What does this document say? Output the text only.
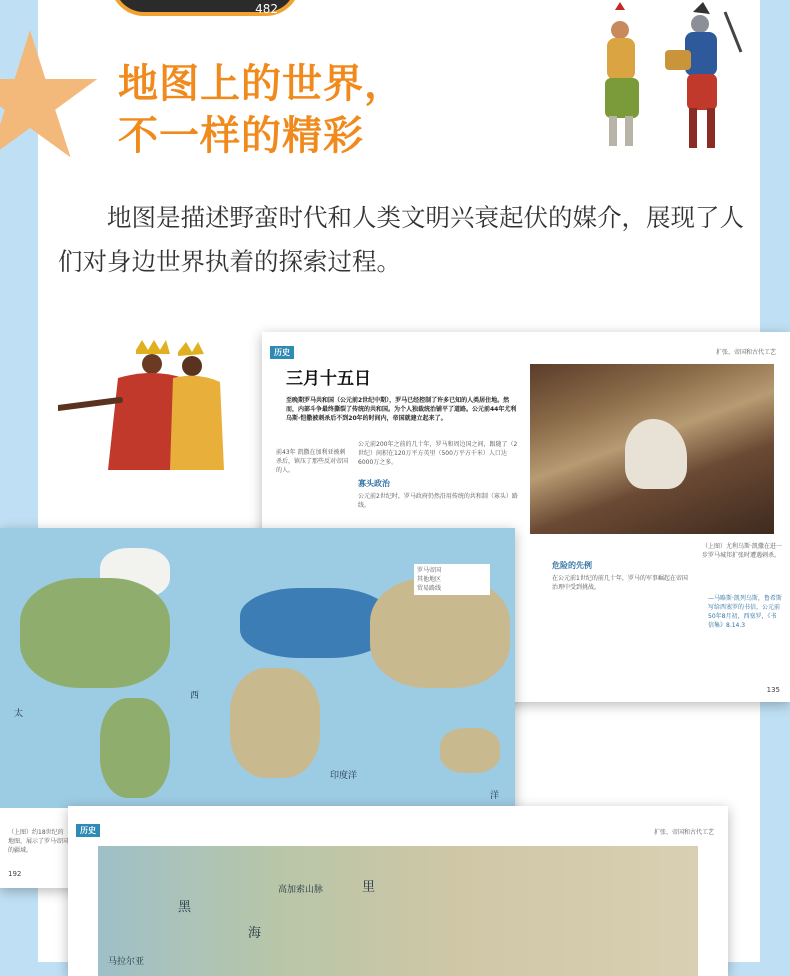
482
地图上的世界，
不一样的精彩

地图是描述野蛮时代和人类文明兴衰起伏的媒介，展现了人们对身边世界执着的探索过程。

历史	扩张、帝国和古代工艺
三月十五日
至晚期罗马共和国（公元前2世纪中期），罗马已经控制了许多已知的人类居住地。然而，内部斗争最终撕裂了传统的共和国。为个人独裁统治铺平了道路。公元前44年尤利乌斯·恺撒被刺杀后不到20年的时间内，帝国就建立起来了。
前43年 凯撒在加利亚被刺杀后，镇压了那些反对帝国的人。
公元前200年之前的几十年，罗马和周边国之间，跟随了（2世纪）间积在120万平方英里（500万平方千米）人口达6000万之多。
寡头政治
公元前2世纪时，罗马政府仍然沿用传统的共和制（寡头）路线。
（上图）尤利乌斯·凯撒在进一步罗马城邦扩张时遭遇刺杀。
危险的先例
在公元前1世纪的前几十年，罗马的军事崛起在帝国治理中受到挑战。
—马略斯·凯列乌斯，鲁希斯写给西塞罗的书信，公元前50年8月初，西塞罗，《书信集》8.14.3
135
罗马帝国
其他地区
贸易路线
太
洋
西
印度洋
（上图）约18世纪的地图，展示了罗马帝国的疆域。
192
历史	扩张、帝国和古代工艺
黑
海
高加索山脉	里
马拉尔亚
